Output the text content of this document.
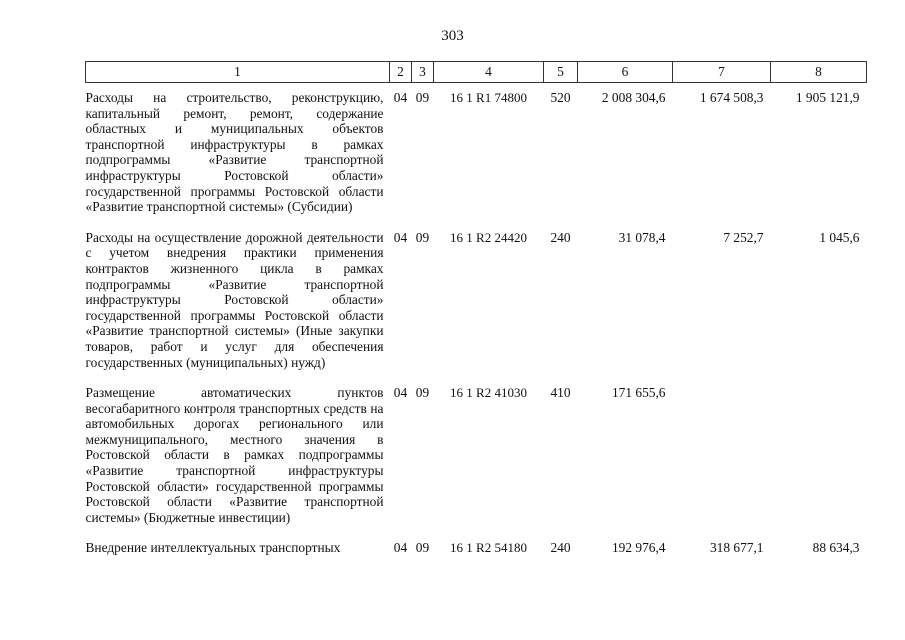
303
1	2	3	4	5	6	7	8
Расходы на строительство, реконструкцию, капитальный ремонт, ремонт, содержание областных и муниципальных объектов транспортной инфраструктуры в рамках подпрограммы «Развитие транспортной инфраструктуры Ростовской области» государственной программы Ростовской области «Развитие транспортной системы» (Субсидии)	04	09	16 1 R1 74800	520	2 008 304,6	1 674 508,3	1 905 121,9
Расходы на осуществление дорожной деятельности с учетом внедрения практики применения контрактов жизненного цикла в рамках подпрограммы «Развитие транспортной инфраструктуры Ростовской области» государственной программы Ростовской области «Развитие транспортной системы» (Иные закупки товаров, работ и услуг для обеспечения государственных (муниципальных) нужд)	04	09	16 1 R2 24420	240	31 078,4	7 252,7	1 045,6
Размещение автоматических пунктов весогабаритного контроля транспортных средств на автомобильных дорогах регионального или межмуниципального, местного значения в Ростовской области в рамках подпрограммы «Развитие транспортной инфраструктуры Ростовской области» государственной программы Ростовской области «Развитие транспортной системы» (Бюджетные инвестиции)	04	09	16 1 R2 41030	410	171 655,6		
Внедрение интеллектуальных транспортных	04	09	16 1 R2 54180	240	192 976,4	318 677,1	88 634,3
